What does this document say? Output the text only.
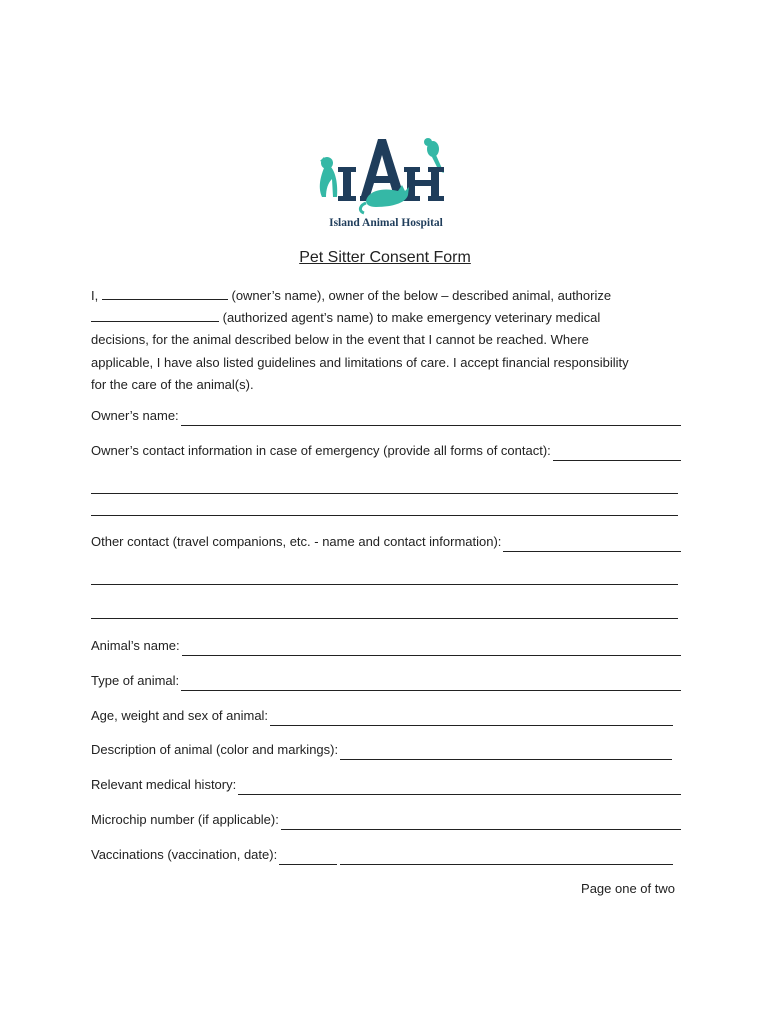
Island Animal Hospital
Pet Sitter Consent Form
I,	(owner’s name), owner of the below – described animal, authorize
(authorized agent’s name) to make emergency veterinary medical
decisions, for the animal described below in the event that I cannot be reached. Where
applicable, I have also listed guidelines and limitations of care. I accept financial responsibility
for the care of the animal(s).
Owner’s name:
Owner’s contact information in case of emergency (provide all forms of contact):
Other contact (travel companions, etc. - name and contact information):
Animal’s name:
Type of animal:
Age, weight and sex of animal:
Description of animal (color and markings):
Relevant medical history:
Microchip number (if applicable):
Vaccinations (vaccination, date):
Page one of two
